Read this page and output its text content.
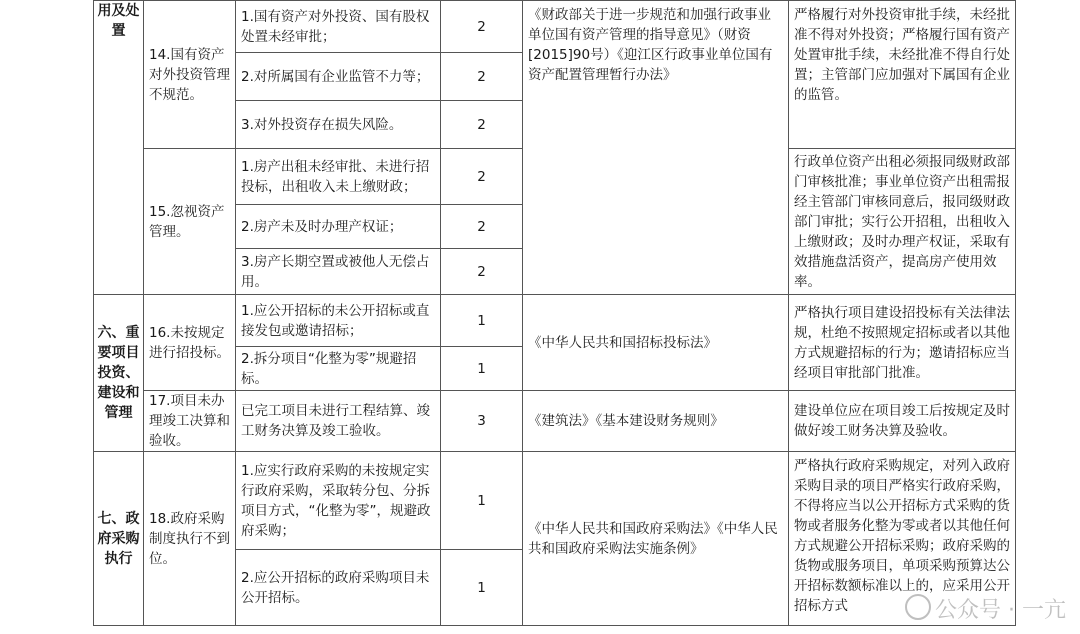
用及处置	14.国有资产对外投资管理不规范。	1.国有资产对外投资、国有股权处置未经审批；	2	《财政部关于进一步规范和加强行政事业单位国有资产管理的指导意见》（财资[2015]90号）《迎江区行政事业单位国有资产配置管理暂行办法》	严格履行对外投资审批手续，未经批准不得对外投资；严格履行国有资产处置审批手续，未经批准不得自行处置；主管部门应加强对下属国有企业的监管。
		2.对所属国有企业监管不力等；	2		
		3.对外投资存在损失风险。	2		
	15.忽视资产管理。	1.房产出租未经审批、未进行招投标，出租收入未上缴财政；	2		行政单位资产出租必须报同级财政部门审核批准；事业单位资产出租需报经主管部门审核同意后，报同级财政部门审批；实行公开招租，出租收入上缴财政；及时办理产权证，采取有效措施盘活资产，提高房产使用效率。
		2.房产未及时办理产权证；	2		
		3.房产长期空置或被他人无偿占用。	2		
六、重要项目投资、建设和管理	16.未按规定进行招投标。	1.应公开招标的未公开招标或直接发包或邀请招标；	1	《中华人民共和国招标投标法》	严格执行项目建设招投标有关法律法规，杜绝不按照规定招标或者以其他方式规避招标的行为；邀请招标应当经项目审批部门批准。
		2.拆分项目“化整为零”规避招标。	1		
	17.项目未办理竣工决算和验收。	已完工项目未进行工程结算、竣工财务决算及竣工验收。	3	《建筑法》《基本建设财务规则》	建设单位应在项目竣工后按规定及时做好竣工财务决算及验收。
七、政府采购执行	18.政府采购制度执行不到位。	1.应实行政府采购的未按规定实行政府采购，采取转分包、分拆项目方式，“化整为零”，规避政府采购；	1	《中华人民共和国政府采购法》《中华人民共和国政府采购法实施条例》	严格执行政府采购规定，对列入政府采购目录的项目严格实行政府采购，不得将应当以公开招标方式采购的货物或者服务化整为零或者以其他任何方式规避公开招标采购；政府采购的货物或服务项目，单项采购预算达公开招标数额标准以上的，应采用公开招标方式
		2.应公开招标的政府采购项目未公开招标。	1		
公众号 · 一亢
